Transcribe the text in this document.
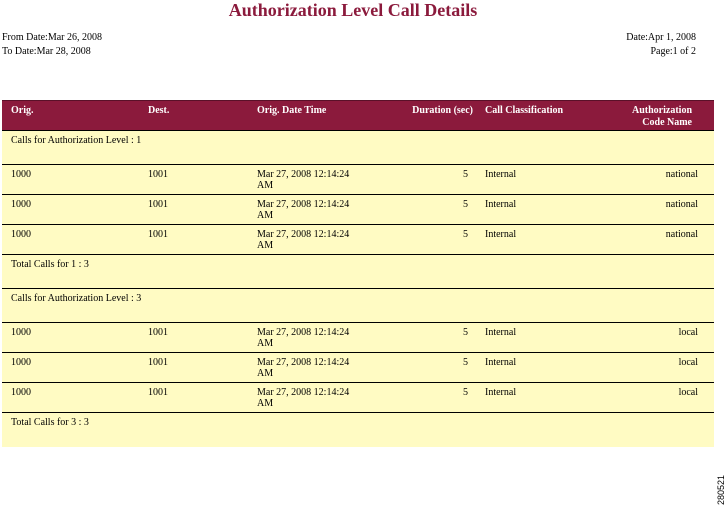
Authorization Level Call Details
From Date:Mar 26, 2008
To Date:Mar 28, 2008
Date:Apr 1, 2008
Page:1 of 2
Orig.	Dest.	Orig. Date Time	Duration (sec)	Call Classification	Authorization Code Name
Calls for Authorization Level : 1					
1000	1001	Mar 27, 2008 12:14:24 AM	5	Internal	national
1000	1001	Mar 27, 2008 12:14:24 AM	5	Internal	national
1000	1001	Mar 27, 2008 12:14:24 AM	5	Internal	national
Total Calls for 1 : 3					
Calls for Authorization Level : 3					
1000	1001	Mar 27, 2008 12:14:24 AM	5	Internal	local
1000	1001	Mar 27, 2008 12:14:24 AM	5	Internal	local
1000	1001	Mar 27, 2008 12:14:24 AM	5	Internal	local
Total Calls for 3 : 3					
280521
